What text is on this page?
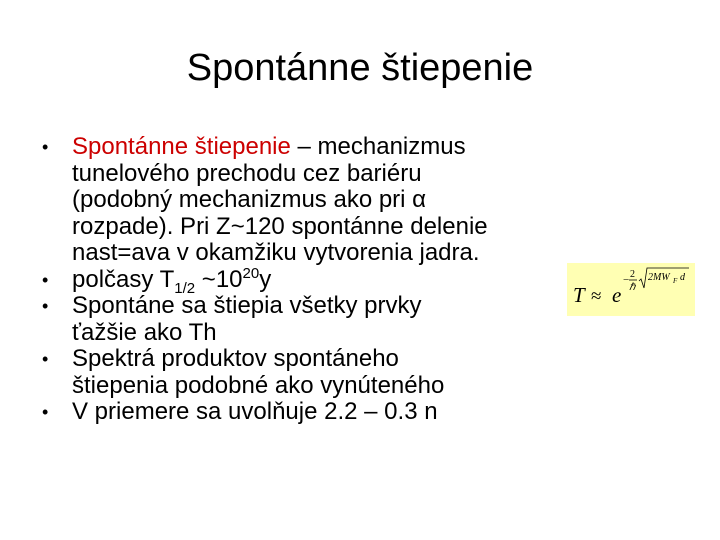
Spontánne štiepenie
• Spontánne štiepenie – mechanizmus
tunelového prechodu cez bariéru
(podobný mechanizmus ako pri α
rozpade). Pri Z~120 spontánne delenie
nast=ava v okamžiku vytvorenia jadra.
• polčasy $T_{1/2}$ $\sim 10^{20}y$
• Spontáne sa štiepia všetky prvky
ťažšie ako Th
• Spektrá produktov spontáneho
štiepenia podobné ako vynúteného
• V priemere sa uvolňuje 2.2 – 0.3 n
T ≈ e
− 2
ℏ
2MW F d
